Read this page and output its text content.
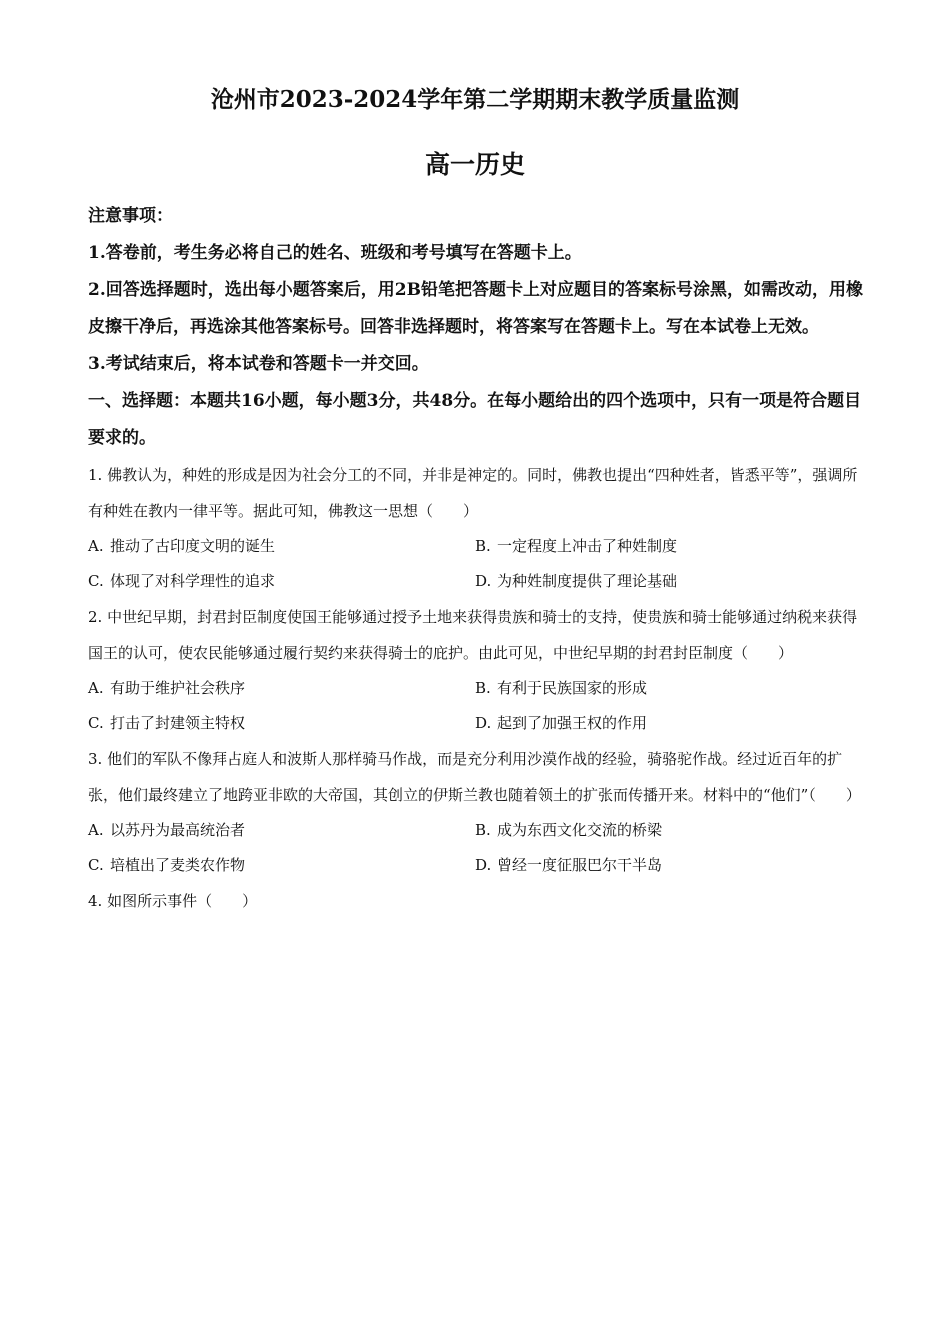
沧州市2023-2024学年第二学期期末教学质量监测
高一历史

注意事项：

1.答卷前，考生务必将自己的姓名、班级和考号填写在答题卡上。

2.回答选择题时，选出每小题答案后，用2B铅笔把答题卡上对应题目的答案标号涂黑，如需改动，用橡皮擦干净后，再选涂其他答案标号。回答非选择题时，将答案写在答题卡上。写在本试卷上无效。

3.考试结束后，将本试卷和答题卡一并交回。

一、选择题：本题共16小题，每小题3分，共48分。在每小题给出的四个选项中，只有一项是符合题目要求的。

1. 佛教认为，种姓的形成是因为社会分工的不同，并非是神定的。同时，佛教也提出“四种姓者，皆悉平等”，强调所有种姓在教内一律平等。据此可知，佛教这一思想（　　）

A. 推动了古印度文明的诞生	B. 一定程度上冲击了种姓制度
C. 体现了对科学理性的追求	D. 为种姓制度提供了理论基础

2. 中世纪早期，封君封臣制度使国王能够通过授予土地来获得贵族和骑士的支持，使贵族和骑士能够通过纳税来获得国王的认可，使农民能够通过履行契约来获得骑士的庇护。由此可见，中世纪早期的封君封臣制度（　　）

A. 有助于维护社会秩序	B. 有利于民族国家的形成
C. 打击了封建领主特权	D. 起到了加强王权的作用

3. 他们的军队不像拜占庭人和波斯人那样骑马作战，而是充分利用沙漠作战的经验，骑骆驼作战。经过近百年的扩张，他们最终建立了地跨亚非欧的大帝国，其创立的伊斯兰教也随着领土的扩张而传播开来。材料中的“他们”（　　）

A. 以苏丹为最高统治者	B. 成为东西文化交流的桥梁
C. 培植出了麦类农作物	D. 曾经一度征服巴尔干半岛

4. 如图所示事件（　　）
